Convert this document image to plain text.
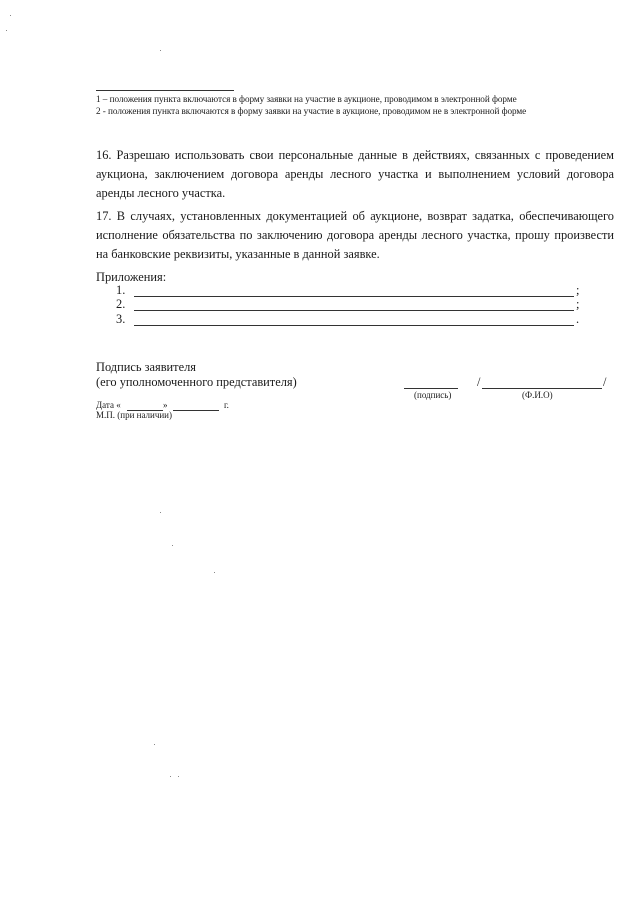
1 – положения пункта включаются в форму заявки на участие в аукционе, проводимом в электронной форме
2 - положения пункта включаются в форму заявки на участие в аукционе, проводимом не в электронной форме
16. Разрешаю использовать свои персональные данные в действиях, связанных с проведением аукциона, заключением договора аренды лесного участка и выполнением условий договора аренды лесного участка.
17. В случаях, установленных документацией об аукционе, возврат задатка, обеспечивающего исполнение обязательства по заключению договора аренды лесного участка, прошу произвести на банковские реквизиты, указанные в данной заявке.
Приложения:
1.	;
2.	;
3.	.
Подпись заявителя
(его уполномоченного представителя)	/	/
(подпись)	(Ф.И.О)
Дата «	»	г.
М.П. (при наличии)
